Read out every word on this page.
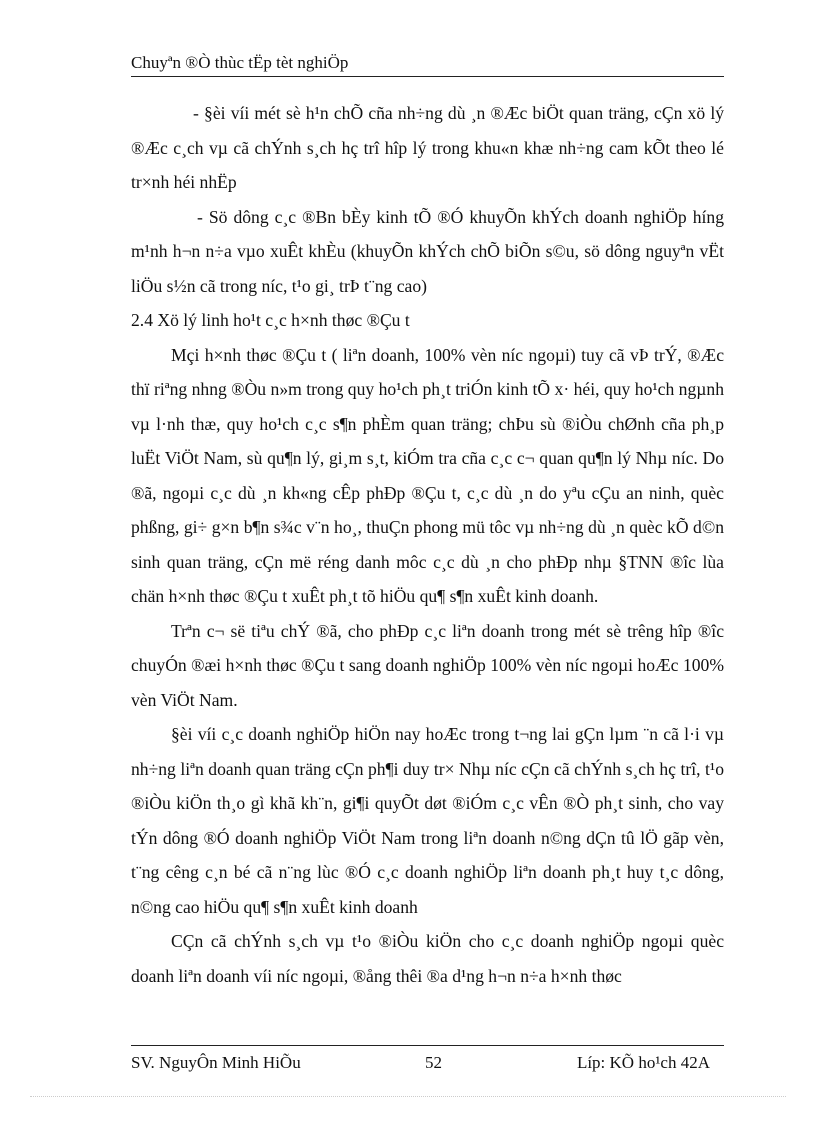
Chuyªn ®Ò thùc tËp tèt nghiÖp

- §èi víi mét sè h¹n chÕ cña nh÷ng dù ¸n ®Æc biÖt quan träng, cÇn xö lý ®Æc c¸ch vµ cã chÝnh s¸ch hç trî hîp lý trong khu«n khæ nh÷ng cam kÕt theo lé tr×nh héi nhËp

- Sö dông c¸c ®Bn bÈy kinh tÕ ®Ó khuyÕn khÝch doanh nghiÖp híng m¹nh h¬n n÷a vµo xuÊt khÈu (khuyÕn khÝch chÕ biÕn s©u, sö dông nguyªn vËt liÖu s½n cã trong níc, t¹o gi¸ trÞ t¨ng cao)

2.4 Xö lý linh ho¹t c¸c h×nh thøc ®Çu t

Mçi h×nh thøc ®Çu t ( liªn doanh, 100% vèn níc ngoµi) tuy cã vÞ trÝ, ®Æc thï riªng nhng ®Òu n»m trong quy ho¹ch ph¸t triÓn kinh tÕ x· héi, quy ho¹ch ngµnh vµ l·nh thæ, quy ho¹ch c¸c s¶n phÈm quan träng; chÞu sù ®iÒu chØnh cña ph¸p luËt ViÖt Nam, sù qu¶n lý, gi¸m s¸t, kiÓm tra cña c¸c c¬ quan qu¶n lý Nhµ níc. Do ®ã, ngoµi c¸c dù ¸n kh«ng cÊp phÐp ®Çu t, c¸c dù ¸n do yªu cÇu an ninh, quèc phßng, gi÷ g×n b¶n s¾c v¨n ho¸, thuÇn phong mü tôc vµ nh÷ng dù ¸n quèc kÕ d©n sinh quan träng, cÇn më réng danh môc c¸c dù ¸n cho phÐp nhµ §TNN ®îc lùa chän h×nh thøc ®Çu t xuÊt ph¸t tõ hiÖu qu¶ s¶n xuÊt kinh doanh.

Trªn c¬ së tiªu chÝ ®ã, cho phÐp c¸c liªn doanh trong mét sè trêng hîp ®îc chuyÓn ®æi h×nh thøc ®Çu t sang doanh nghiÖp 100% vèn níc ngoµi hoÆc 100% vèn ViÖt Nam.

§èi víi c¸c doanh nghiÖp hiÖn nay hoÆc trong t¬ng lai gÇn lµm ¨n cã l·i vµ nh÷ng liªn doanh quan träng cÇn ph¶i duy tr× Nhµ níc cÇn cã chÝnh s¸ch hç trî, t¹o ®iÒu kiÖn th¸o gì khã kh¨n, gi¶i quyÕt døt ®iÓm c¸c vÊn ®Ò ph¸t sinh, cho vay tÝn dông ®Ó doanh nghiÖp ViÖt Nam trong liªn doanh n©ng dÇn tû lÖ gãp vèn, t¨ng cêng c¸n bé cã n¨ng lùc ®Ó c¸c doanh nghiÖp liªn doanh ph¸t huy t¸c dông, n©ng cao hiÖu qu¶ s¶n xuÊt kinh doanh

CÇn cã chÝnh s¸ch vµ t¹o ®iÒu kiÖn cho c¸c doanh nghiÖp ngoµi quèc doanh liªn doanh víi níc ngoµi, ®ång thêi ®a d¹ng h¬n n÷a h×nh thøc

SV. NguyÔn Minh HiÕu	52	Líp: KÕ ho¹ch 42A
